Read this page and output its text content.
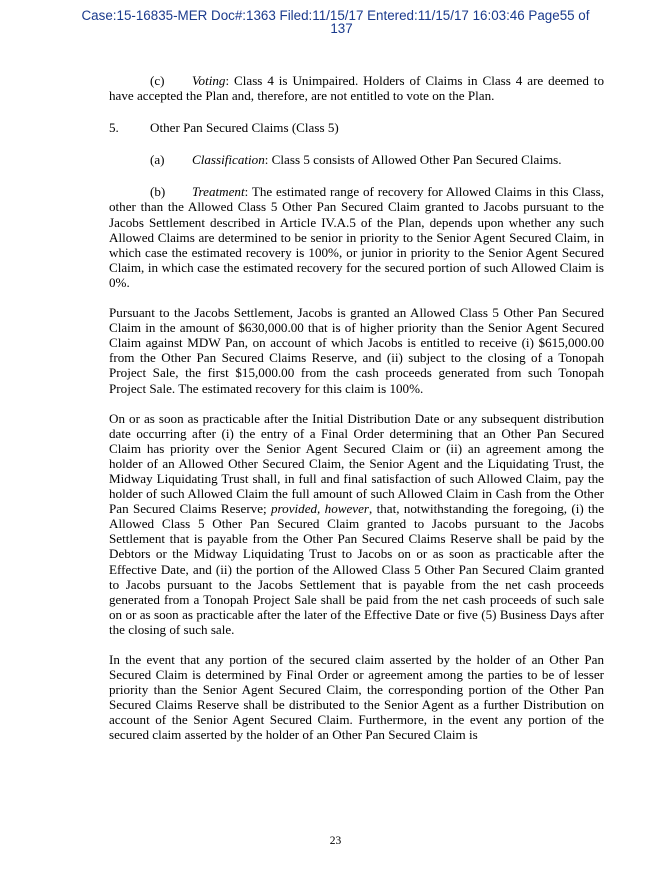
Case:15-16835-MER Doc#:1363 Filed:11/15/17 Entered:11/15/17 16:03:46 Page55 of
137

(c) Voting: Class 4 is Unimpaired. Holders of Claims in Class 4 are deemed to have accepted the Plan and, therefore, are not entitled to vote on the Plan.

5.	Other Pan Secured Claims (Class 5)

(a) Classification: Class 5 consists of Allowed Other Pan Secured Claims.

(b) Treatment: The estimated range of recovery for Allowed Claims in this Class, other than the Allowed Class 5 Other Pan Secured Claim granted to Jacobs pursuant to the Jacobs Settlement described in Article IV.A.5 of the Plan, depends upon whether any such Allowed Claims are determined to be senior in priority to the Senior Agent Secured Claim, in which case the estimated recovery is 100%, or junior in priority to the Senior Agent Secured Claim, in which case the estimated recovery for the secured portion of such Allowed Claim is 0%.

Pursuant to the Jacobs Settlement, Jacobs is granted an Allowed Class 5 Other Pan Secured Claim in the amount of $630,000.00 that is of higher priority than the Senior Agent Secured Claim against MDW Pan, on account of which Jacobs is entitled to receive (i) $615,000.00 from the Other Pan Secured Claims Reserve, and (ii) subject to the closing of a Tonopah Project Sale, the first $15,000.00 from the cash proceeds generated from such Tonopah Project Sale. The estimated recovery for this claim is 100%.

On or as soon as practicable after the Initial Distribution Date or any subsequent distribution date occurring after (i) the entry of a Final Order determining that an Other Pan Secured Claim has priority over the Senior Agent Secured Claim or (ii) an agreement among the holder of an Allowed Other Secured Claim, the Senior Agent and the Liquidating Trust, the Midway Liquidating Trust shall, in full and final satisfaction of such Allowed Claim, pay the holder of such Allowed Claim the full amount of such Allowed Claim in Cash from the Other Pan Secured Claims Reserve; provided, however, that, notwithstanding the foregoing, (i) the Allowed Class 5 Other Pan Secured Claim granted to Jacobs pursuant to the Jacobs Settlement that is payable from the Other Pan Secured Claims Reserve shall be paid by the Debtors or the Midway Liquidating Trust to Jacobs on or as soon as practicable after the Effective Date, and (ii) the portion of the Allowed Class 5 Other Pan Secured Claim granted to Jacobs pursuant to the Jacobs Settlement that is payable from the net cash proceeds generated from a Tonopah Project Sale shall be paid from the net cash proceeds of such sale on or as soon as practicable after the later of the Effective Date or five (5) Business Days after the closing of such sale.

In the event that any portion of the secured claim asserted by the holder of an Other Pan Secured Claim is determined by Final Order or agreement among the parties to be of lesser priority than the Senior Agent Secured Claim, the corresponding portion of the Other Pan Secured Claims Reserve shall be distributed to the Senior Agent as a further Distribution on account of the Senior Agent Secured Claim. Furthermore, in the event any portion of the secured claim asserted by the holder of an Other Pan Secured Claim is

23
